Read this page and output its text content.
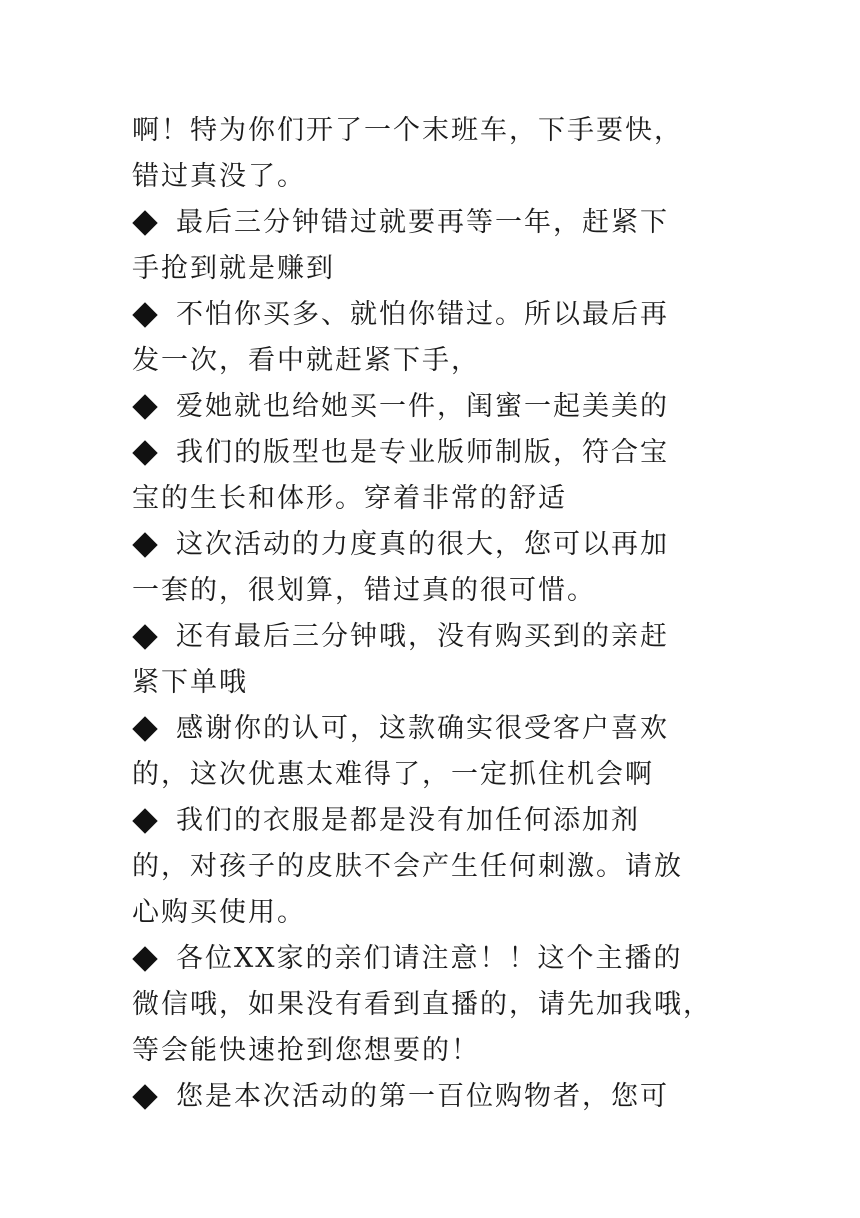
啊！特为你们开了一个末班车，下手要快，
错过真没了。
最后三分钟错过就要再等一年，赶紧下
手抢到就是赚到
不怕你买多、就怕你错过。所以最后再
发一次，看中就赶紧下手，
爱她就也给她买一件，闺蜜一起美美的
我们的版型也是专业版师制版，符合宝
宝的生长和体形。穿着非常的舒适
这次活动的力度真的很大，您可以再加
一套的，很划算，错过真的很可惜。
还有最后三分钟哦，没有购买到的亲赶
紧下单哦
感谢你的认可，这款确实很受客户喜欢
的，这次优惠太难得了，一定抓住机会啊
我们的衣服是都是没有加任何添加剂
的，对孩子的皮肤不会产生任何刺激。请放
心购买使用。
各位XX家的亲们请注意！！这个主播的
微信哦，如果没有看到直播的，请先加我哦，
等会能快速抢到您想要的！
您是本次活动的第一百位购物者，您可
